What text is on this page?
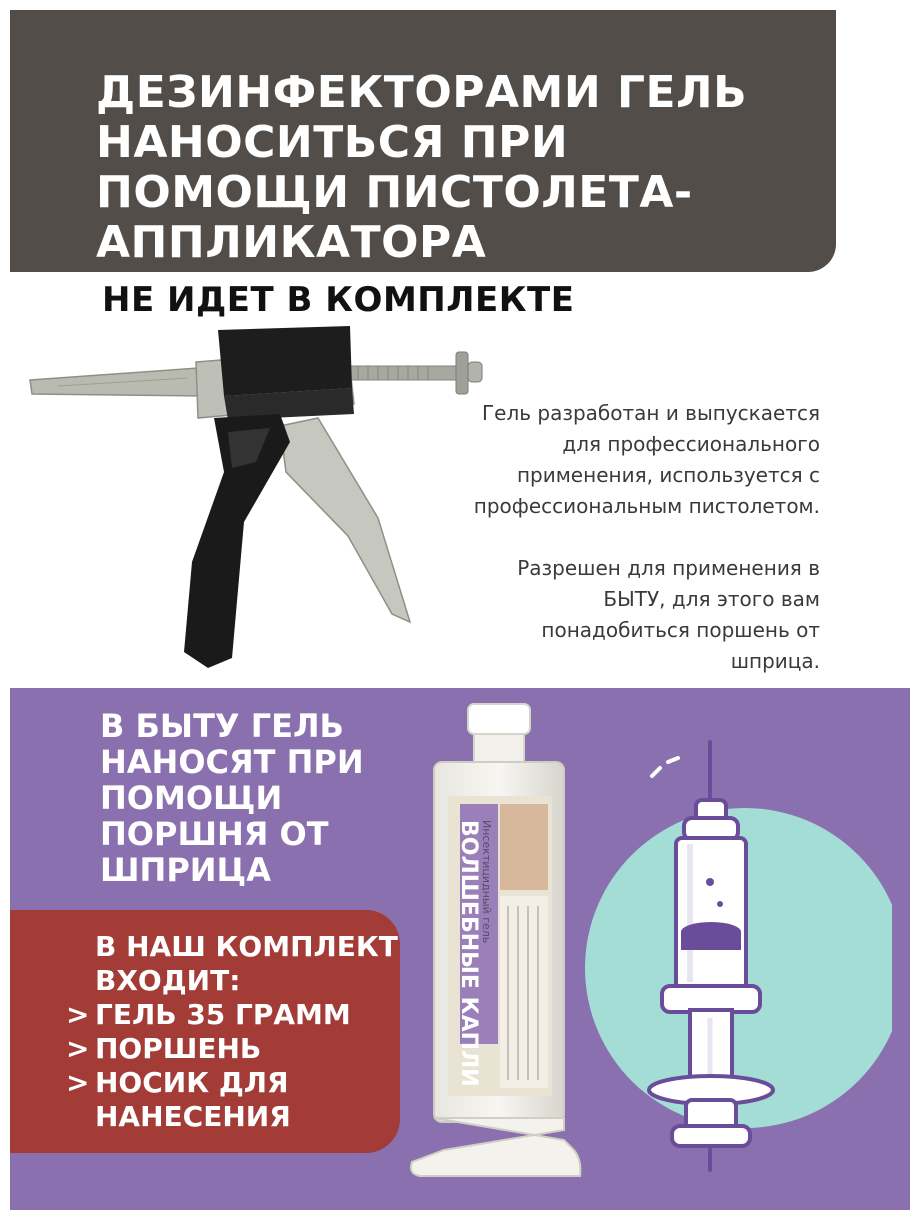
ДЕЗИНФЕКТОРАМИ ГЕЛЬ
НАНОСИТЬСЯ ПРИ
ПОМОЩИ ПИСТОЛЕТА-
АППЛИКАТОРА
НЕ ИДЕТ В КОМПЛЕКТЕ

Гель разработан и выпускается
для профессионального
применения, используется с
профессиональным пистолетом.

Разрешен для применения в
БЫТУ, для этого вам
понадобиться поршень от
шприца.

В БЫТУ ГЕЛЬ
НАНОСЯТ ПРИ
ПОМОЩИ
ПОРШНЯ ОТ
ШПРИЦА
В НАШ КОМПЛЕКТ
ВХОДИТ:
> ГЕЛЬ 35 ГРАММ
> ПОРШЕНЬ
> НОСИК ДЛЯ
НАНЕСЕНИЯ
Инсектицидный гель
ВОЛШЕБНЫЕ КАПЛИ
